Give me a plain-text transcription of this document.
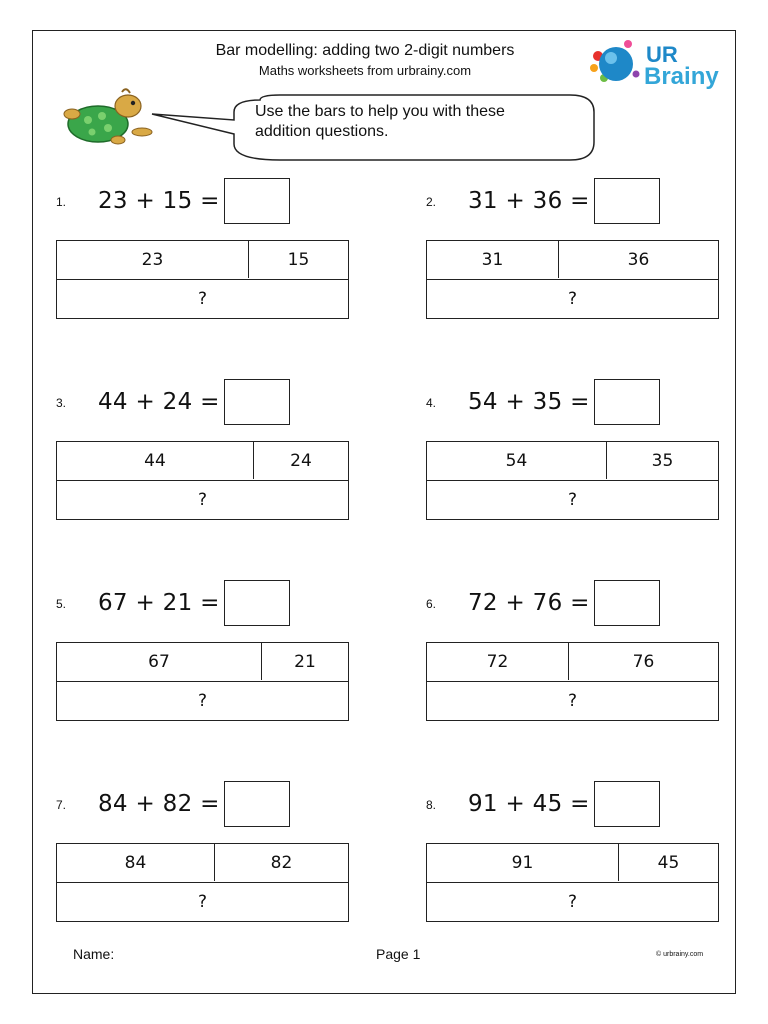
Bar modelling: adding two 2-digit numbers
Maths worksheets from urbrainy.com
UR
Brainy
Use the bars to help you with these
addition questions.
1. 23 + 15 =
23	15
?
2. 31 + 36 =
31	36
?
3. 44 + 24 =
44	24
?
4. 54 + 35 =
54	35
?
5. 67 + 21 =
67	21
?
6. 72 + 76 =
72	76
?
7. 84 + 82 =
84	82
?
8. 91 + 45 =
91	45
?
Name:	Page 1	© urbrainy.com
